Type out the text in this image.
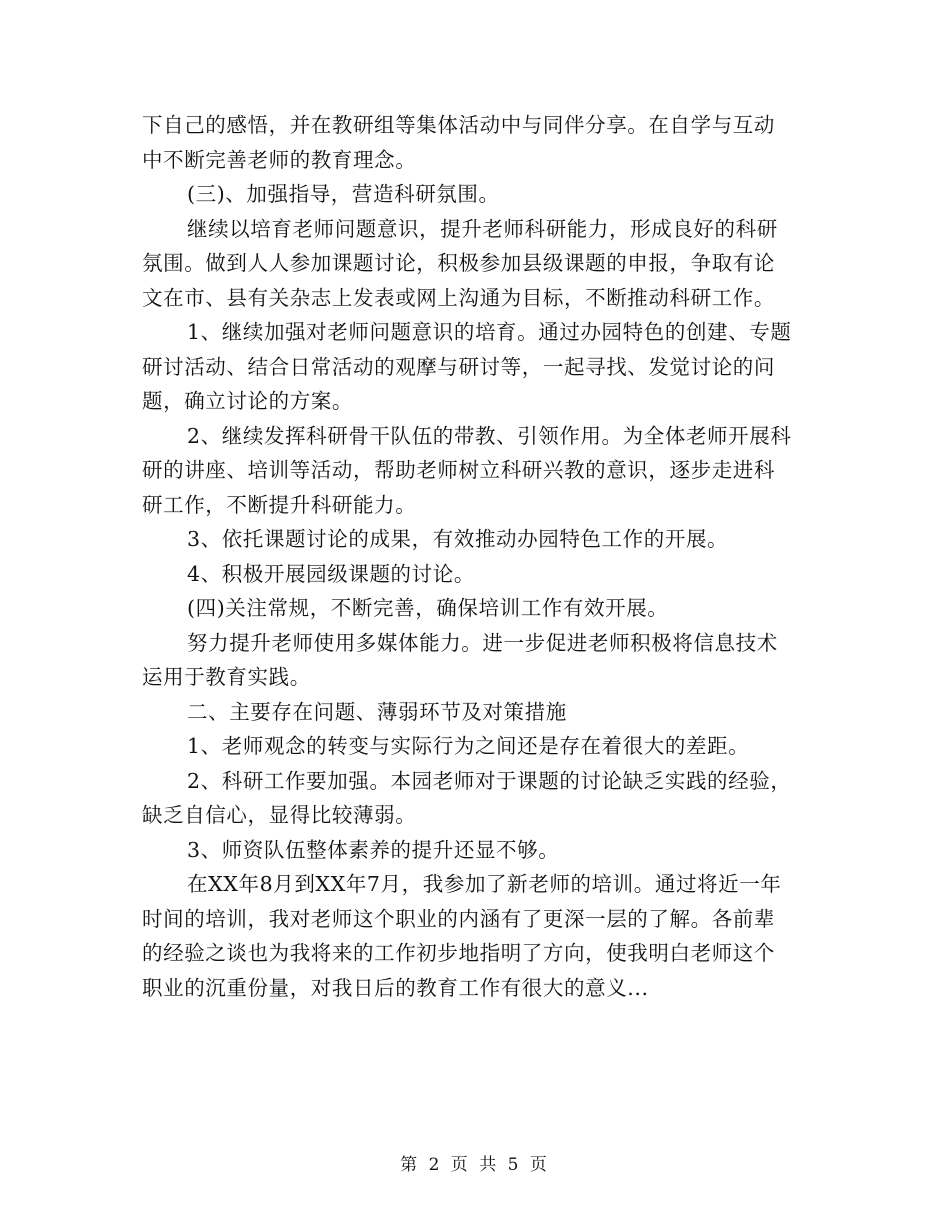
下自己的感悟，并在教研组等集体活动中与同伴分享。在自学与互动
中不断完善老师的教育理念。
(三)、加强指导，营造科研氛围。
继续以培育老师问题意识，提升老师科研能力，形成良好的科研
氛围。做到人人参加课题讨论，积极参加县级课题的申报，争取有论
文在市、县有关杂志上发表或网上沟通为目标，不断推动科研工作。
1、继续加强对老师问题意识的培育。通过办园特色的创建、专题
研讨活动、结合日常活动的观摩与研讨等，一起寻找、发觉讨论的问
题，确立讨论的方案。
2、继续发挥科研骨干队伍的带教、引领作用。为全体老师开展科
研的讲座、培训等活动，帮助老师树立科研兴教的意识，逐步走进科
研工作，不断提升科研能力。
3、依托课题讨论的成果，有效推动办园特色工作的开展。
4、积极开展园级课题的讨论。
(四)关注常规，不断完善，确保培训工作有效开展。
努力提升老师使用多媒体能力。进一步促进老师积极将信息技术
运用于教育实践。
二、主要存在问题、薄弱环节及对策措施
1、老师观念的转变与实际行为之间还是存在着很大的差距。
2、科研工作要加强。本园老师对于课题的讨论缺乏实践的经验，
缺乏自信心，显得比较薄弱。
3、师资队伍整体素养的提升还显不够。
在XX年8月到XX年7月，我参加了新老师的培训。通过将近一年
时间的培训，我对老师这个职业的内涵有了更深一层的了解。各前辈
的经验之谈也为我将来的工作初步地指明了方向，使我明白老师这个
职业的沉重份量，对我日后的教育工作有很大的意义...
第 2 页 共 5 页
